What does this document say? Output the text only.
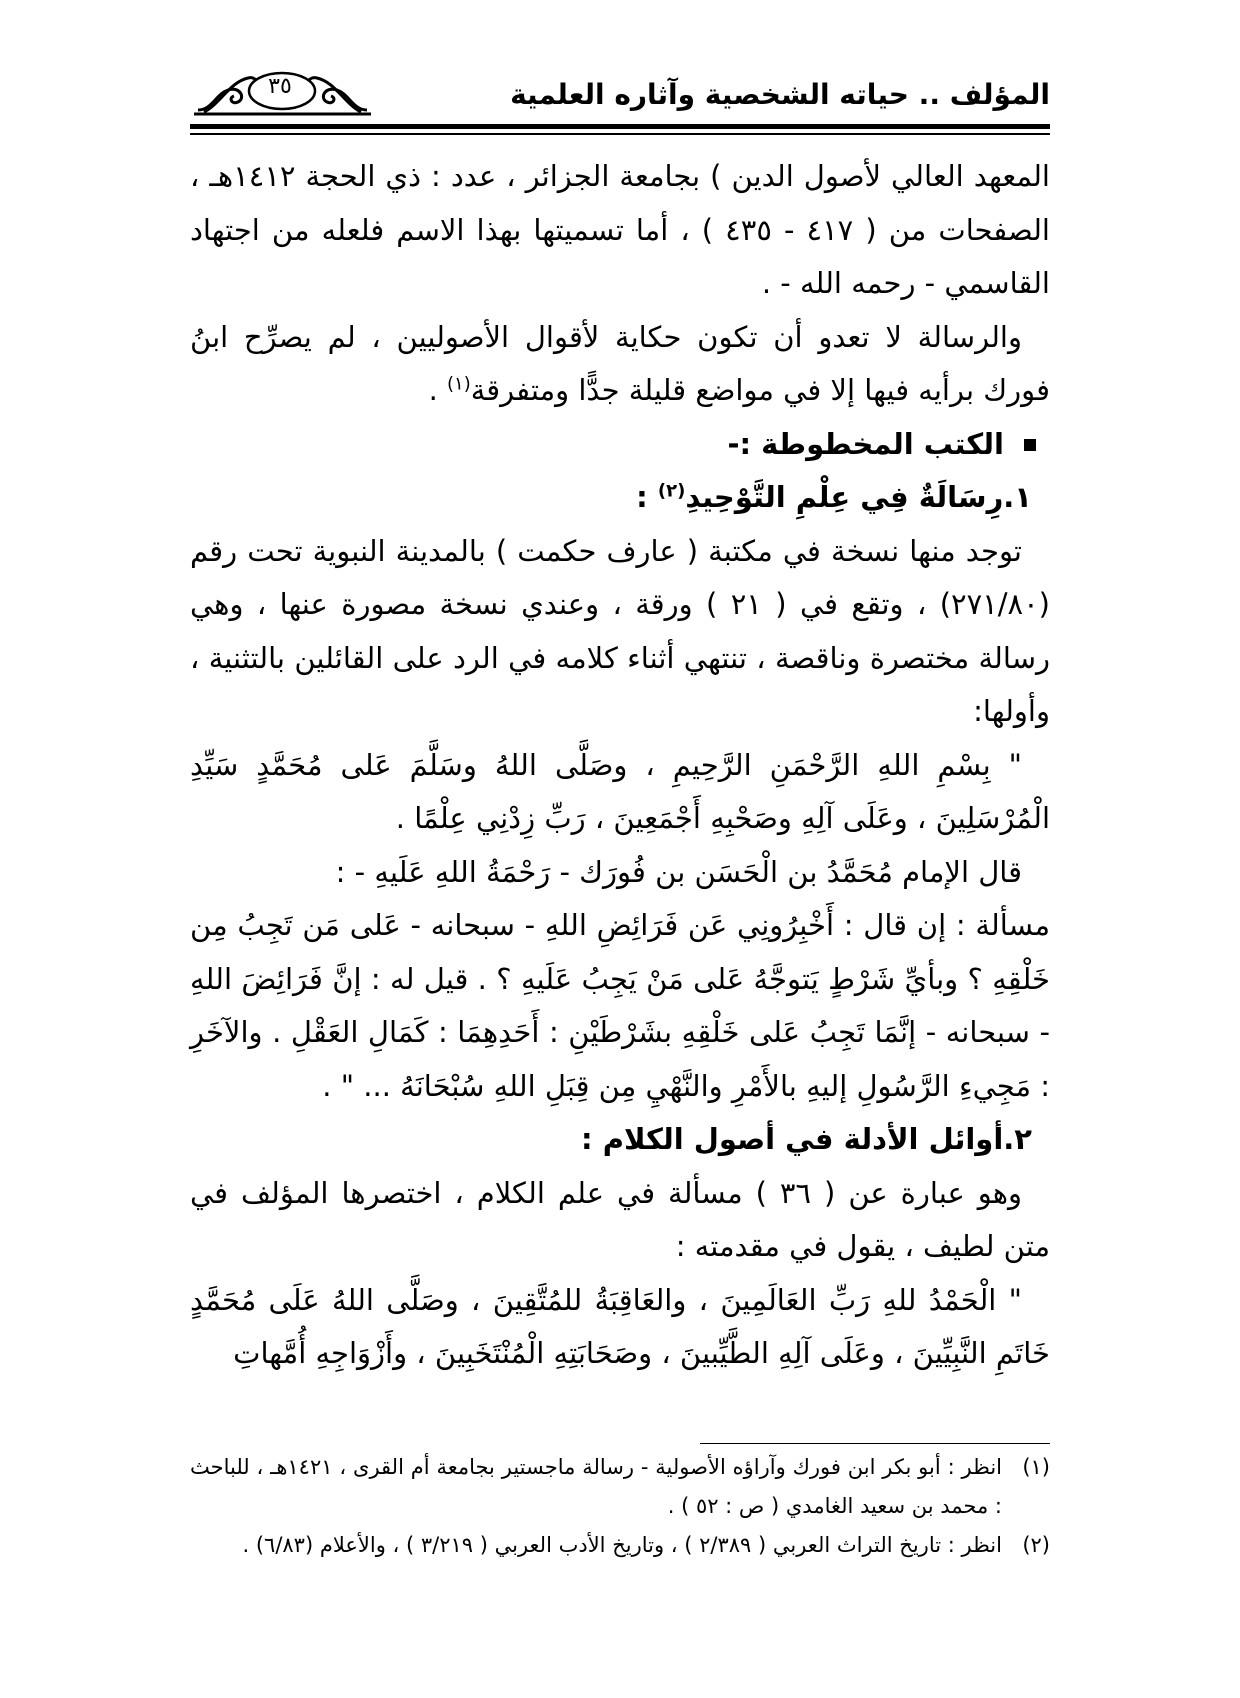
المؤلف .. حياته الشخصية وآثاره العلمية
٣٥

المعهد العالي لأصول الدين ) بجامعة الجزائر ، عدد : ذي الحجة ١٤١٢هـ ، الصفحات من ( ٤١٧ - ٤٣٥ ) ، أما تسميتها بهذا الاسم فلعله من اجتهاد القاسمي - رحمه الله - .

والرسالة لا تعدو أن تكون حكاية لأقوال الأصوليين ، لم يصرِّح ابنُ فورك برأيه فيها إلا في مواضع قليلة جدًّا ومتفرقة$^{(١)}$ .

الكتب المخطوطة :-

١.رِسَالَةٌ فِي عِلْمِ التَّوْحِيدِ$^{(٢)}$ :

توجد منها نسخة في مكتبة ( عارف حكمت ) بالمدينة النبوية تحت رقم (٢٧١/٨٠) ، وتقع في ( ٢١ ) ورقة ، وعندي نسخة مصورة عنها ، وهي رسالة مختصرة وناقصة ، تنتهي أثناء كلامه في الرد على القائلين بالتثنية ، وأولها:

" بِسْمِ اللهِ الرَّحْمَنِ الرَّحِيمِ ، وصَلَّى اللهُ وسَلَّمَ عَلى مُحَمَّدٍ سَيِّدِ الْمُرْسَلِينَ ، وعَلَى آلِهِ وصَحْبِهِ أَجْمَعِينَ ، رَبِّ زِدْنِي عِلْمًا .

قال الإمام مُحَمَّدُ بن الْحَسَن بن فُورَك - رَحْمَةُ اللهِ عَلَيهِ - :

مسألة : إن قال : أَخْبِرُونِي عَن فَرَائِضِ اللهِ - سبحانه - عَلى مَن تَجِبُ مِن خَلْقِهِ ؟ وبأيِّ شَرْطٍ يَتوجَّهُ عَلى مَنْ يَجِبُ عَلَيهِ ؟ . قيل له : إنَّ فَرَائِضَ اللهِ - سبحانه - إنَّمَا تَجِبُ عَلى خَلْقِهِ بشَرْطَيْنِ : أَحَدِهِمَا : كَمَالِ العَقْلِ . والآخَرِ : مَجِيءِ الرَّسُولِ إليهِ بالأَمْرِ والنَّهْيِ مِن قِبَلِ اللهِ سُبْحَانَهُ ... " .

٢.أوائل الأدلة في أصول الكلام :

وهو عبارة عن ( ٣٦ ) مسألة في علم الكلام ، اختصرها المؤلف في متن لطيف ، يقول في مقدمته :

" الْحَمْدُ للهِ رَبِّ العَالَمِينَ ، والعَاقِبَةُ للمُتَّقِينَ ، وصَلَّى اللهُ عَلَى مُحَمَّدٍ خَاتَمِ النَّبِيِّينَ ، وعَلَى آلِهِ الطَّيِّبينَ ، وصَحَابَتِهِ الْمُنْتَخَبِينَ ، وأَزْوَاجِهِ أُمَّهاتِ

(١)
انظر : أبو بكر ابن فورك وآراؤه الأصولية - رسالة ماجستير بجامعة أم القرى ، ١٤٢١هـ ، للباحث : محمد بن سعيد الغامدي ( ص : ٥٢ ) .

(٢)
انظر : تاريخ التراث العربي ( ٢/٣٨٩ ) ، وتاريخ الأدب العربي ( ٣/٢١٩ ) ، والأعلام (٦/٨٣) .
